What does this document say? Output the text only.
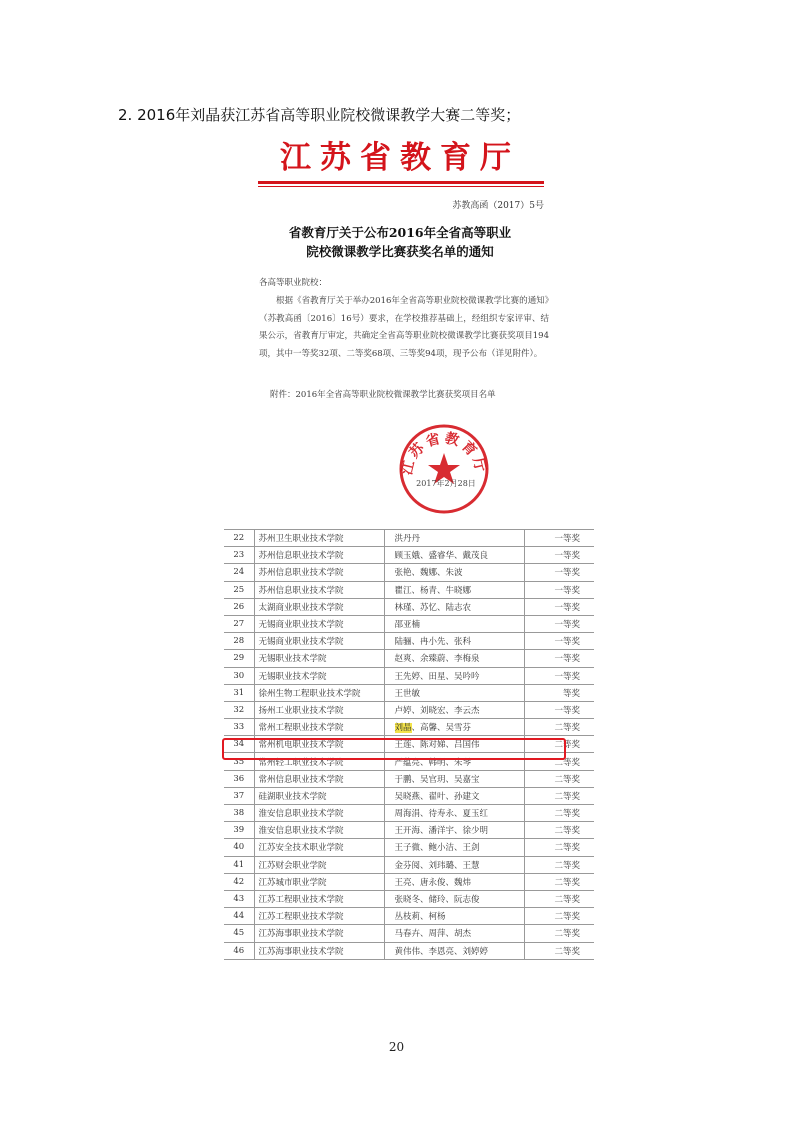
2. 2016年刘晶获江苏省高等职业院校微课教学大赛二等奖；
江苏省教育厅
苏教高函（2017）5号
省教育厅关于公布2016年全省高等职业
院校微课教学比赛获奖名单的通知
各高等职业院校：
　　根据《省教育厅关于举办2016年全省高等职业院校微课教学比赛的通知》（苏教高函〔2016〕16号）要求，在学校推荐基础上，经组织专家评审、结果公示，省教育厅审定，共确定全省高等职业院校微课教学比赛获奖项目194项，其中一等奖32项、二等奖68项、三等奖94项，现予公布（详见附件）。
附件：2016年全省高等职业院校微课教学比赛获奖项目名单
江苏省教育厅
2017年2月28日
22	苏州卫生职业技术学院	洪丹丹	一等奖
23	苏州信息职业技术学院	顾玉娥、盛睿华、戴茂良	一等奖
24	苏州信息职业技术学院	张艳、魏娜、朱波	一等奖
25	苏州信息职业技术学院	瞿江、杨青、牛晓娜	一等奖
26	太湖商业职业技术学院	林瑾、苏忆、陆志农	一等奖
27	无锡商业职业技术学院	邵亚楠	一等奖
28	无锡商业职业技术学院	陆骊、冉小先、张科	一等奖
29	无锡职业技术学院	赵爽、余臻蔚、李梅泉	一等奖
30	无锡职业技术学院	王先婷、田星、吴吟吟	一等奖
31	徐州生物工程职业技术学院	王世敏	等奖
32	扬州工业职业技术学院	卢婷、刘晓宏、李云杰	一等奖
33	常州工程职业技术学院	刘晶、高馨、吴雪芬	二等奖
34	常州机电职业技术学院	王莲、陈对娣、吕国伟	二等奖
35	常州轻工职业技术学院	严蕴亮、韩明、朱琴	二等奖
36	常州信息职业技术学院	于鹏、吴官玥、吴嘉宝	二等奖
37	硅湖职业技术学院	吴晓燕、翟叶、孙建文	二等奖
38	淮安信息职业技术学院	周海涓、待寿永、夏玉红	二等奖
39	淮安信息职业技术学院	王开海、潘洋宇、徐少明	二等奖
40	江苏安全技术职业学院	王子微、鲍小洁、王剑	二等奖
41	江苏财会职业学院	金芬阅、刘玮璐、王慧	二等奖
42	江苏城市职业学院	王亮、唐永俊、魏炜	二等奖
43	江苏工程职业技术学院	张晓冬、储玲、阮志俊	二等奖
44	江苏工程职业技术学院	丛枝莉、柯杨	二等奖
45	江苏海事职业技术学院	马春卉、周萍、胡杰	二等奖
46	江苏海事职业技术学院	黄伟伟、李恩亮、刘婷婷	二等奖
20
